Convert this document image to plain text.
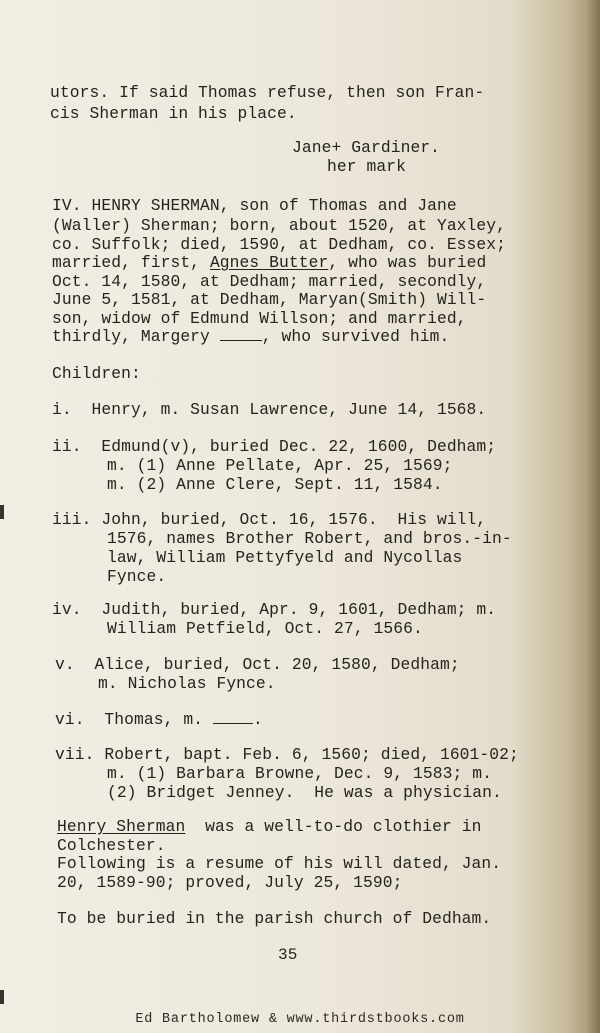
utors. If said Thomas refuse, then son Fran-
cis Sherman in his place.
Jane+ Gardiner.
her mark
IV. HENRY SHERMAN, son of Thomas and Jane
(Waller) Sherman; born, about 1520, at Yaxley,
co. Suffolk; died, 1590, at Dedham, co. Essex;
married, first, Agnes Butter, who was buried
Oct. 14, 1580, at Dedham; married, secondly,
June 5, 1581, at Dedham, Maryan(Smith) Will-
son, widow of Edmund Willson; and married,
thirdly, Margery	, who survived him.
Children:
i.  Henry, m. Susan Lawrence, June 14, 1568.
ii.  Edmund(v), buried Dec. 22, 1600, Dedham;
m. (1) Anne Pellate, Apr. 25, 1569;
m. (2) Anne Clere, Sept. 11, 1584.
iii. John, buried, Oct. 16, 1576.  His will,
1576, names Brother Robert, and bros.-in-
law, William Pettyfyeld and Nycollas
Fynce.
iv.  Judith, buried, Apr. 9, 1601, Dedham; m.
William Petfield, Oct. 27, 1566.
v.  Alice, buried, Oct. 20, 1580, Dedham;
m. Nicholas Fynce.
vi.  Thomas, m. .
vii. Robert, bapt. Feb. 6, 1560; died, 1601-02;
m. (1) Barbara Browne, Dec. 9, 1583; m.
(2) Bridget Jenney.  He was a physician.
Henry Sherman  was a well-to-do clothier in
Colchester.
Following is a resume of his will dated, Jan.
20, 1589-90; proved, July 25, 1590;
To be buried in the parish church of Dedham.
35
Ed Bartholomew & www.thirdstbooks.com
